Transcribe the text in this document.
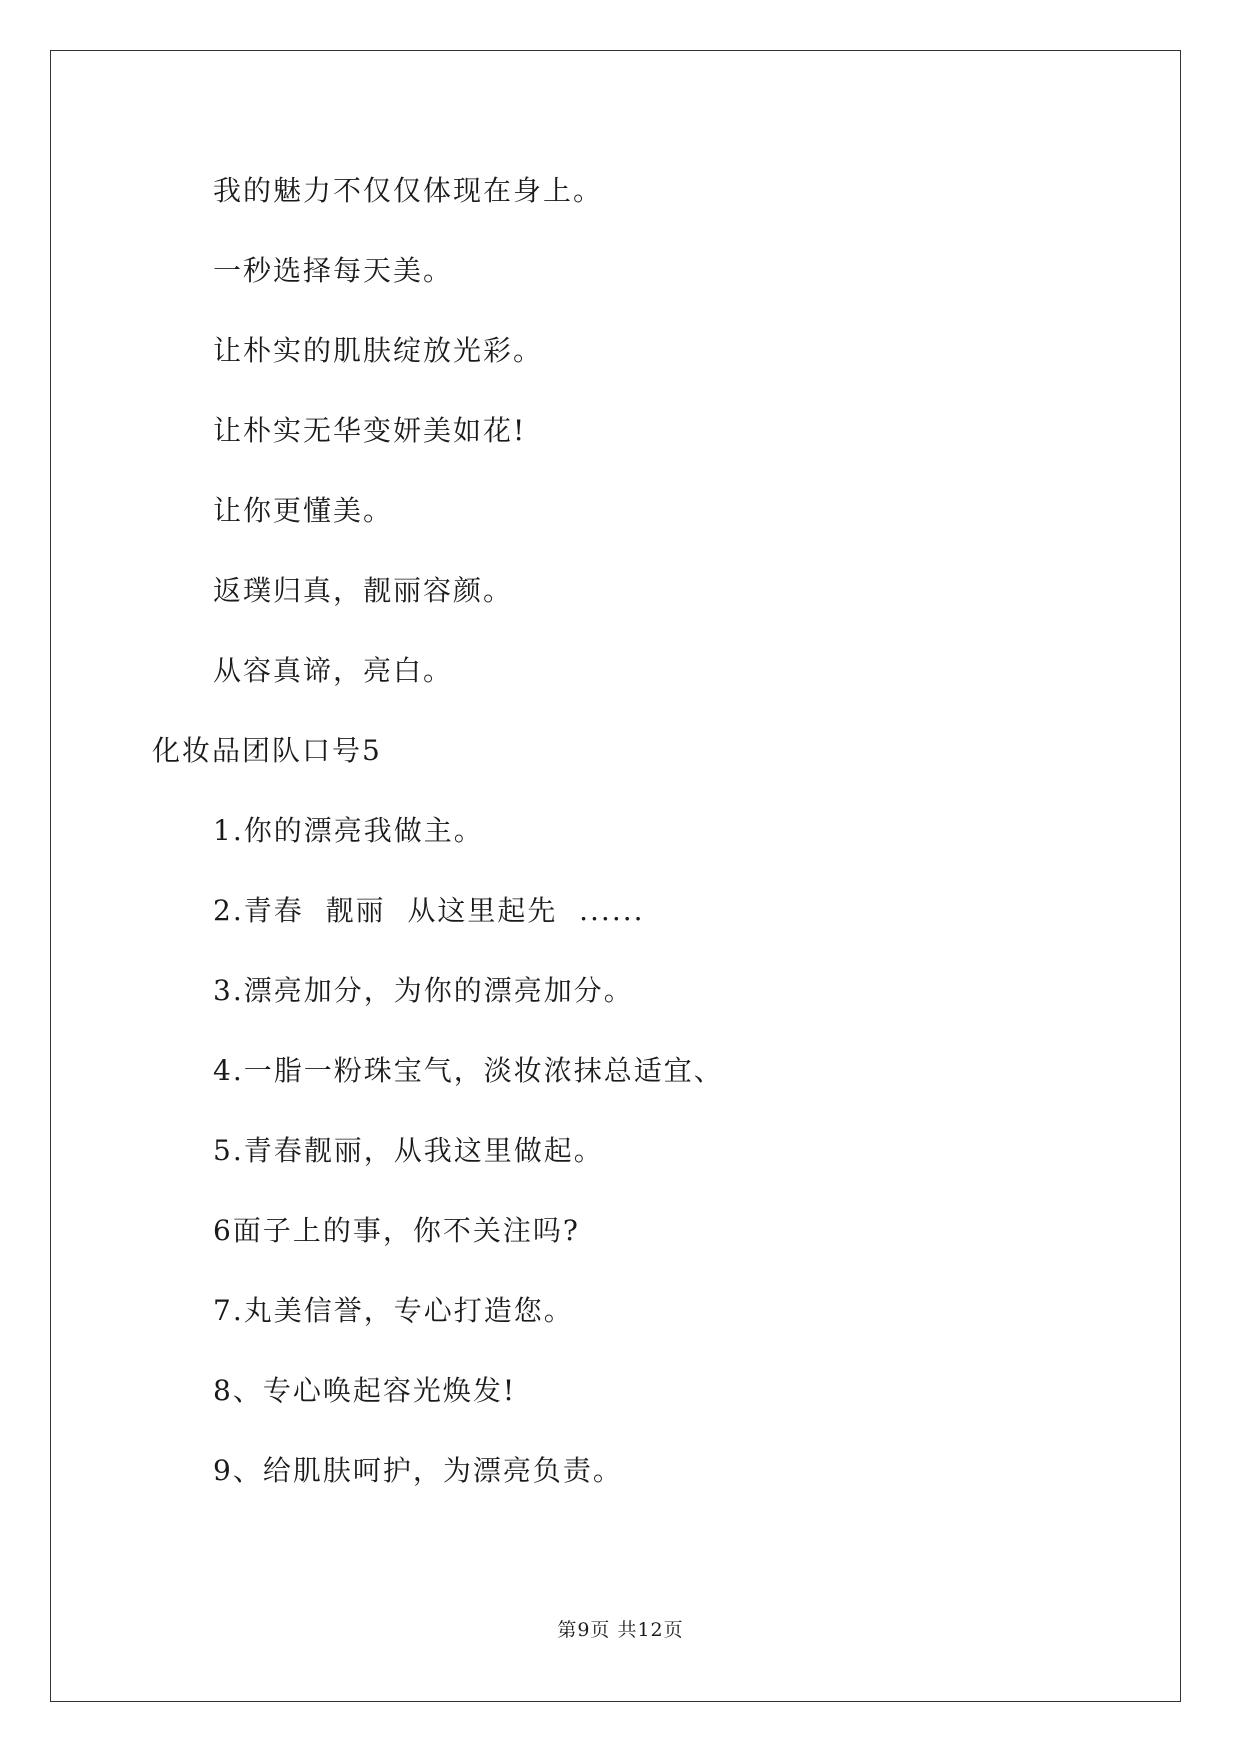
我的魅力不仅仅体现在身上。
一秒选择每天美。
让朴实的肌肤绽放光彩。
让朴实无华变妍美如花!
让你更懂美。
返璞归真，靓丽容颜。
从容真谛，亮白。
化妆品团队口号5
1.你的漂亮我做主。
2.青春  靓丽  从这里起先  ......
3.漂亮加分，为你的漂亮加分。
4.一脂一粉珠宝气，淡妆浓抹总适宜、
5.青春靓丽，从我这里做起。
6面子上的事，你不关注吗?
7.丸美信誉，专心打造您。
8、专心唤起容光焕发!
9、给肌肤呵护，为漂亮负责。
第9页 共12页
